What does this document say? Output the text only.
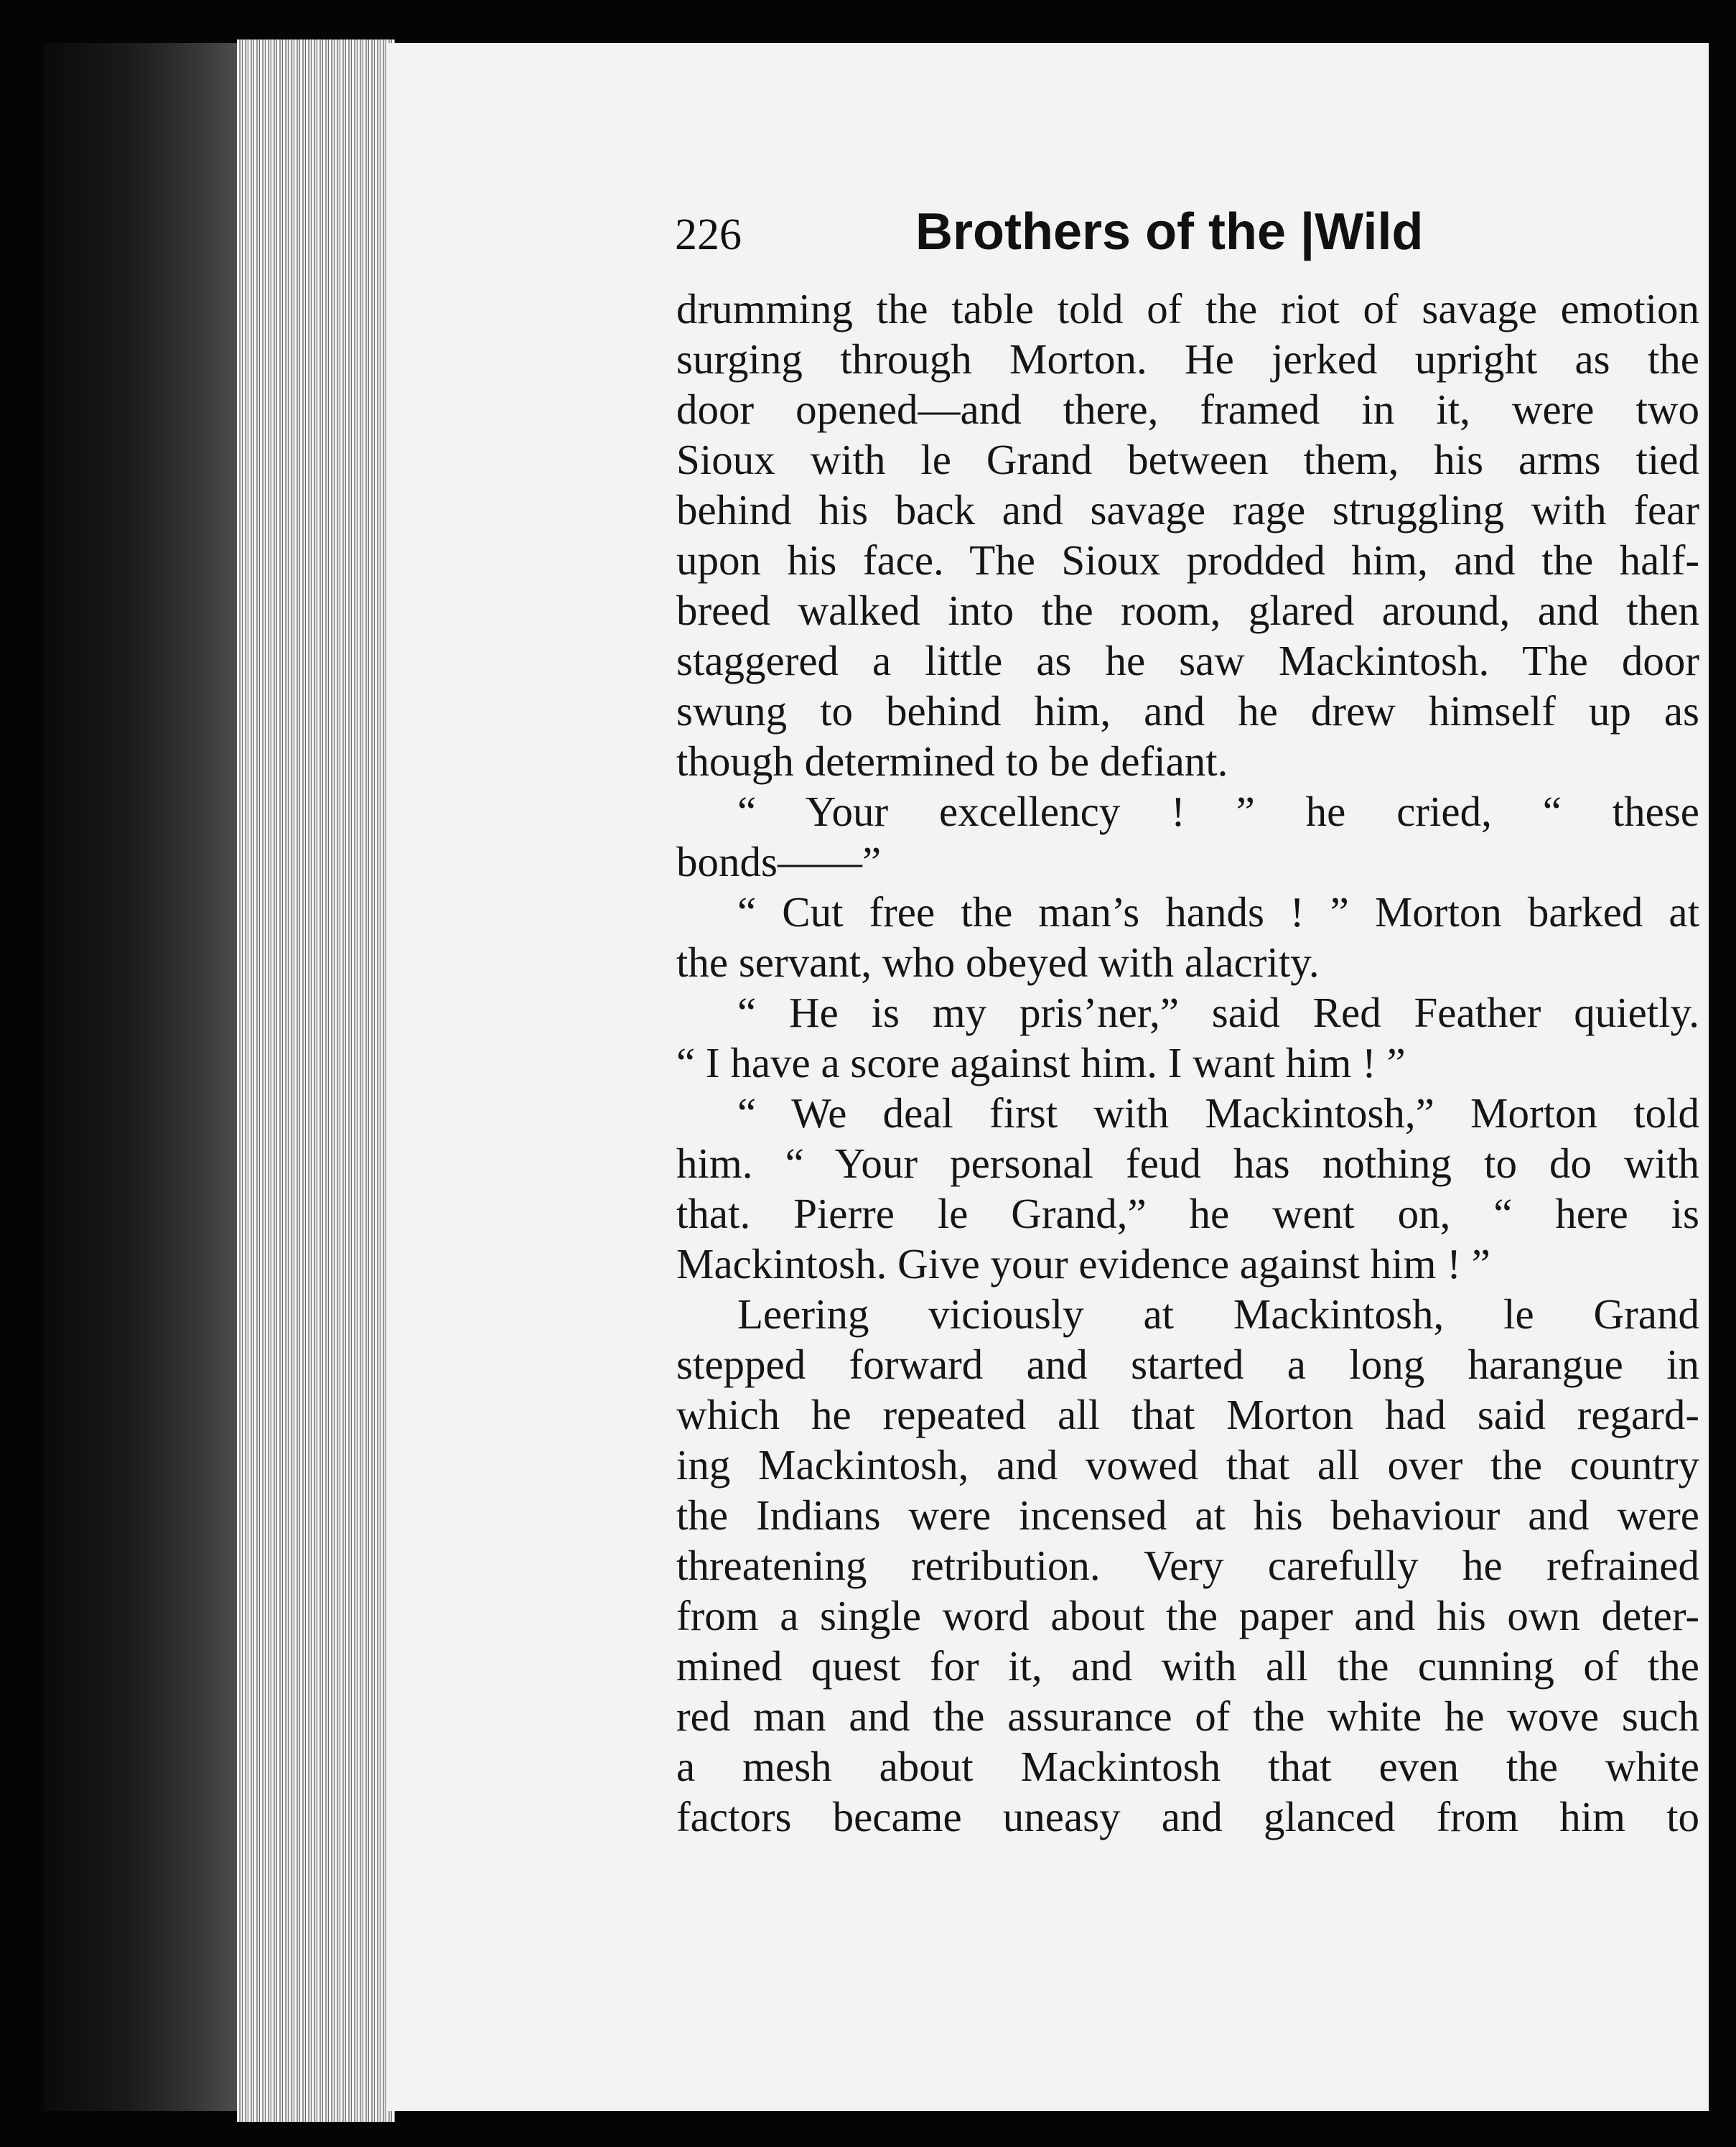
226	Brothers of the |Wild
drumming the table told of the riot of savage emotion
surging through Morton. He jerked upright as the
door opened—and there, framed in it, were two
Sioux with le Grand between them, his arms tied
behind his back and savage rage struggling with fear
upon his face. The Sioux prodded him, and the half-
breed walked into the room, glared around, and then
staggered a little as he saw Mackintosh. The door
swung to behind him, and he drew himself up as
though determined to be defiant.
“ Your excellency ! ” he cried, “ these
bonds——”
“ Cut free the man’s hands ! ” Morton barked at
the servant, who obeyed with alacrity.
“ He is my pris’ner,” said Red Feather quietly.
“ I have a score against him. I want him ! ”
“ We deal first with Mackintosh,” Morton told
him. “ Your personal feud has nothing to do with
that. Pierre le Grand,” he went on, “ here is
Mackintosh. Give your evidence against him ! ”
Leering viciously at Mackintosh, le Grand
stepped forward and started a long harangue in
which he repeated all that Morton had said regard-
ing Mackintosh, and vowed that all over the country
the Indians were incensed at his behaviour and were
threatening retribution. Very carefully he refrained
from a single word about the paper and his own deter-
mined quest for it, and with all the cunning of the
red man and the assurance of the white he wove such
a mesh about Mackintosh that even the white
factors became uneasy and glanced from him to
